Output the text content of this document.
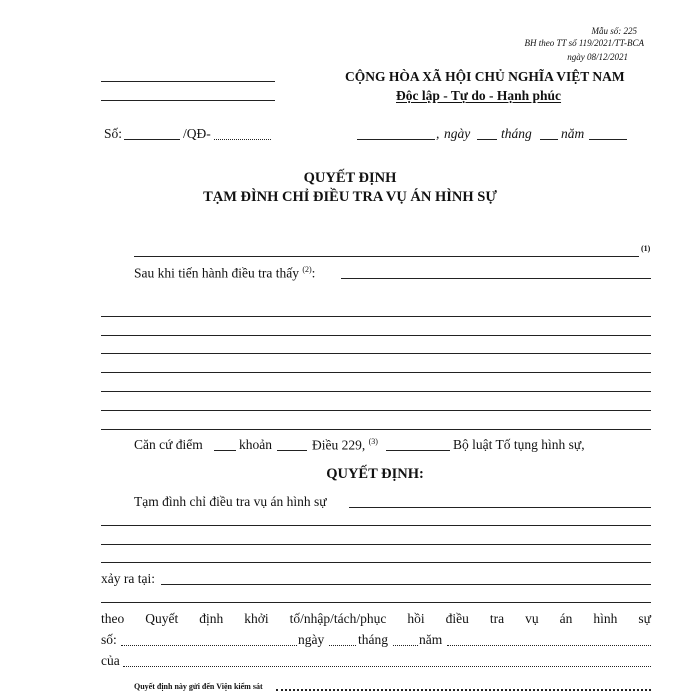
Mẫu số: 225
BH theo TT số 119/2021/TT-BCA
ngày 08/12/2021
CỘNG HÒA XÃ HỘI CHỦ NGHĨA VIỆT NAM
Độc lập - Tự do - Hạnh phúc
Số:	/QĐ-	, ngày tháng năm
QUYẾT ĐỊNH
TẠM ĐÌNH CHỈ ĐIỀU TRA VỤ ÁN HÌNH SỰ
(1)
Sau khi tiến hành điều tra thấy $^{(2)}$:
Căn cứ điểm	khoản	Điều 229, $^{(3)}$	Bộ luật Tố tụng hình sự,
QUYẾT ĐỊNH:
Tạm đình chỉ điều tra vụ án hình sự
xảy ra tại:
theo Quyết định khởi tố/nhập/tách/phục hồi điều tra vụ án hình sự
số:	ngày	tháng năm
của
Quyết định này gửi đến Viện kiểm sát
